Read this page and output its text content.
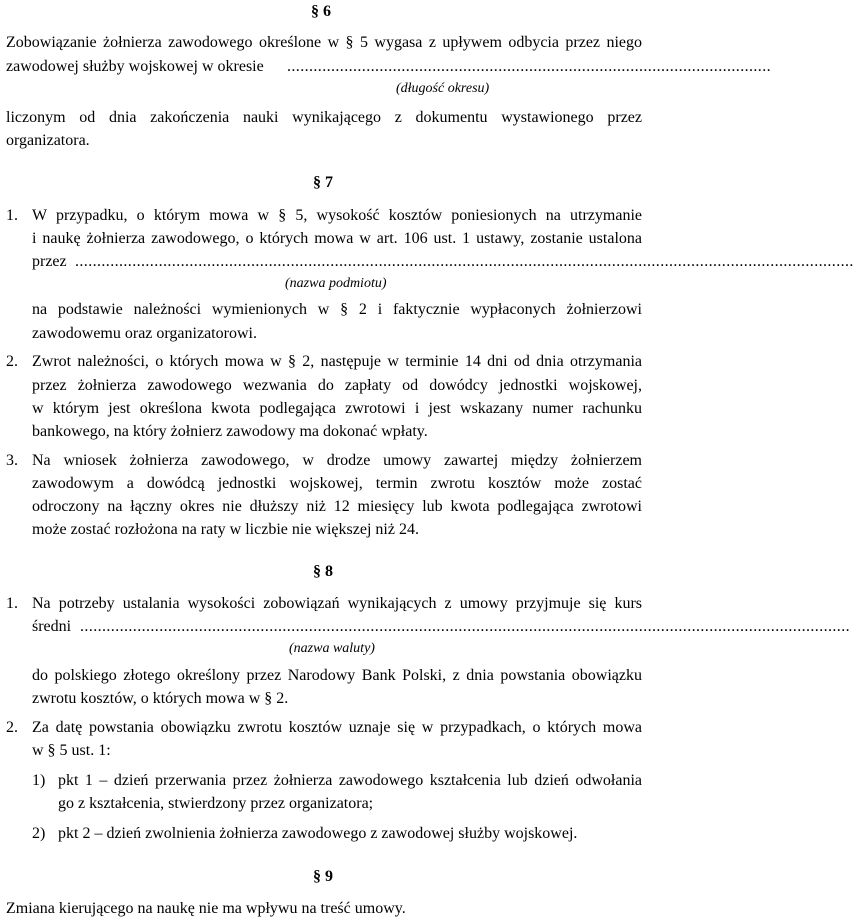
§ 6
Zobowiązanie żołnierza zawodowego określone w § 5 wygasa z upływem odbycia przez niego
zawodowej służby wojskowej w okresie ..............................................................................................................
(długość okresu)
liczonym od dnia zakończenia nauki wynikającego z dokumentu wystawionego przez
organizatora.
§ 7
1. W przypadku, o którym mowa w § 5, wysokość kosztów poniesionych na utrzymanie
i naukę żołnierza zawodowego, o których mowa w art. 106 ust. 1 ustawy, zostanie ustalona
przez .................................................................................................................................................................................
(nazwa podmiotu)
na podstawie należności wymienionych w § 2 i faktycznie wypłaconych żołnierzowi
zawodowemu oraz organizatorowi.
2. Zwrot należności, o których mowa w § 2, następuje w terminie 14 dni od dnia otrzymania
przez żołnierza zawodowego wezwania do zapłaty od dowódcy jednostki wojskowej,
w którym jest określona kwota podlegająca zwrotowi i jest wskazany numer rachunku
bankowego, na który żołnierz zawodowy ma dokonać wpłaty.
3. Na wniosek żołnierza zawodowego, w drodze umowy zawartej między żołnierzem
zawodowym a dowódcą jednostki wojskowej, termin zwrotu kosztów może zostać
odroczony na łączny okres nie dłuższy niż 12 miesięcy lub kwota podlegająca zwrotowi
może zostać rozłożona na raty w liczbie nie większej niż 24.
§ 8
1. Na potrzeby ustalania wysokości zobowiązań wynikających z umowy przyjmuje się kurs
średni ...............................................................................................................................................................................
(nazwa waluty)
do polskiego złotego określony przez Narodowy Bank Polski, z dnia powstania obowiązku
zwrotu kosztów, o których mowa w § 2.
2. Za datę powstania obowiązku zwrotu kosztów uznaje się w przypadkach, o których mowa
w § 5 ust. 1:
1) pkt 1 – dzień przerwania przez żołnierza zawodowego kształcenia lub dzień odwołania
go z kształcenia, stwierdzony przez organizatora;
2) pkt 2 – dzień zwolnienia żołnierza zawodowego z zawodowej służby wojskowej.
§ 9
Zmiana kierującego na naukę nie ma wpływu na treść umowy.
